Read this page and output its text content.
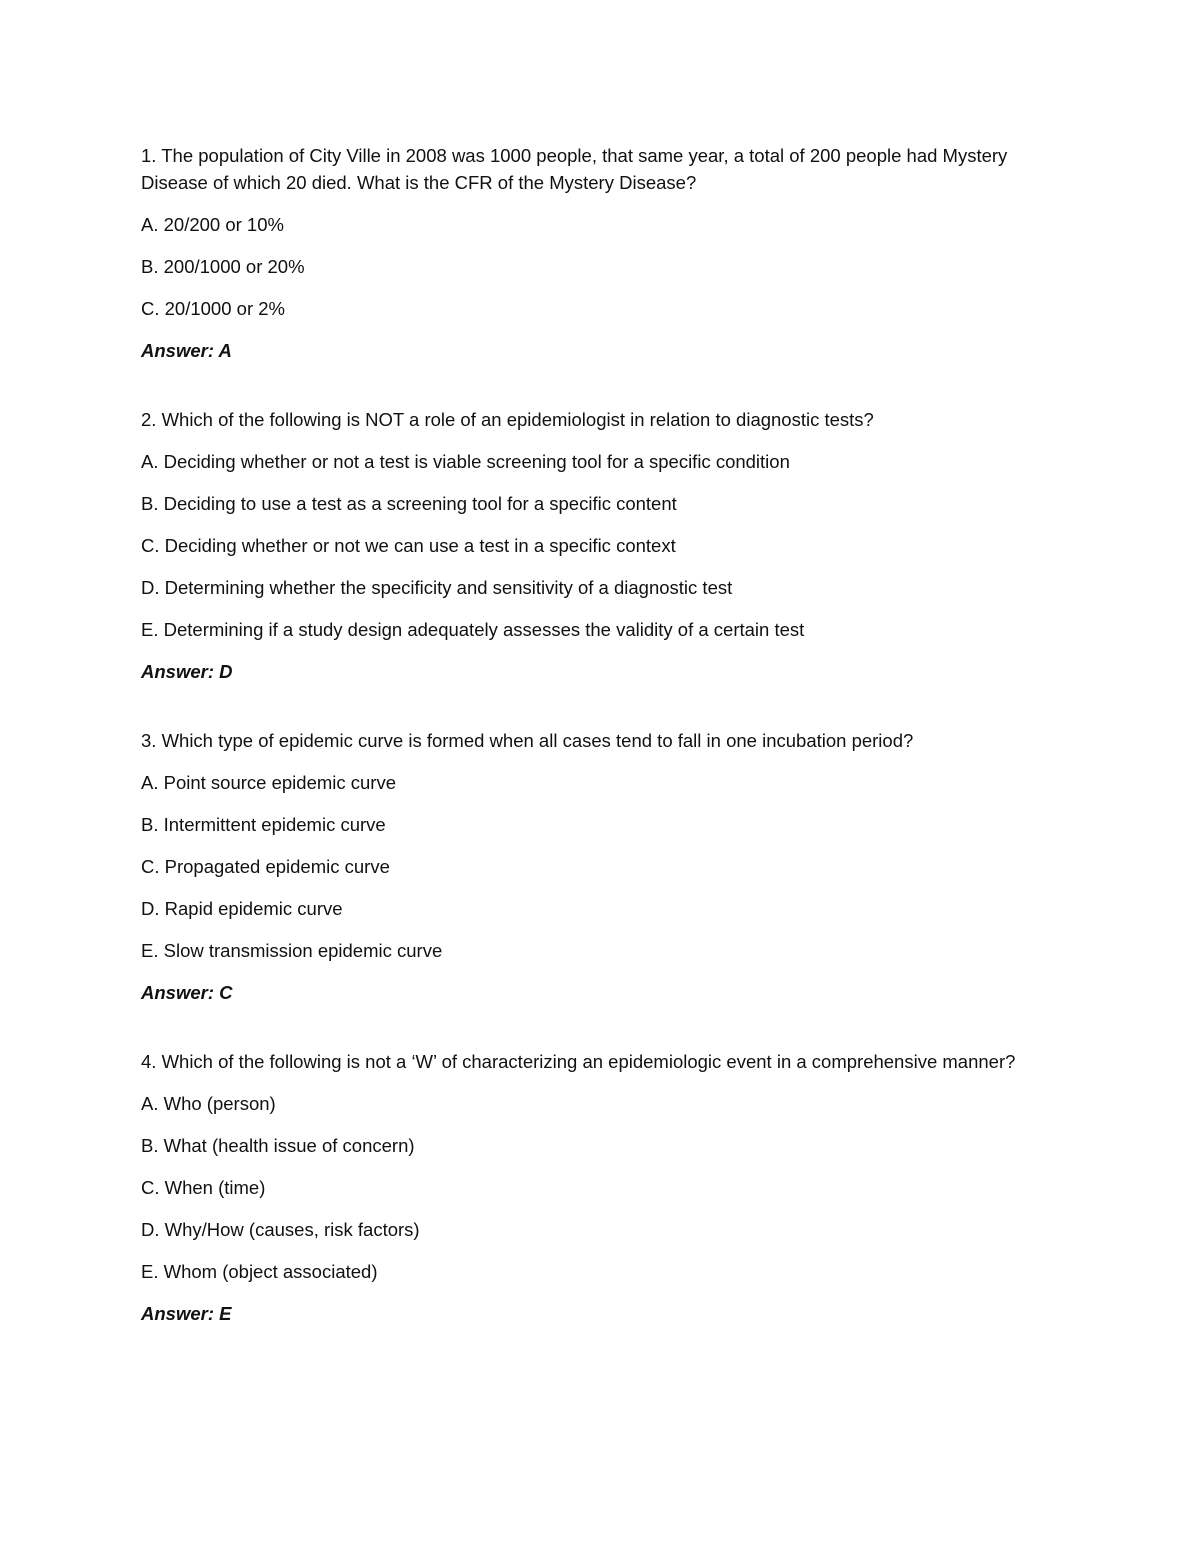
1. The population of City Ville in 2008 was 1000 people, that same year, a total of 200 people had Mystery Disease of which 20 died. What is the CFR of the Mystery Disease?

A. 20/200 or 10%

B. 200/1000 or 20%

C. 20/1000 or 2%

Answer: A

2. Which of the following is NOT a role of an epidemiologist in relation to diagnostic tests?

A. Deciding whether or not a test is viable screening tool for a specific condition

B. Deciding to use a test as a screening tool for a specific content

C. Deciding whether or not we can use a test in a specific context

D. Determining whether the specificity and sensitivity of a diagnostic test

E. Determining if a study design adequately assesses the validity of a certain test

Answer: D

3. Which type of epidemic curve is formed when all cases tend to fall in one incubation period?

A. Point source epidemic curve

B. Intermittent epidemic curve

C. Propagated epidemic curve

D. Rapid epidemic curve

E. Slow transmission epidemic curve

Answer: C

4. Which of the following is not a ‘W’ of characterizing an epidemiologic event in a comprehensive manner?

A. Who (person)

B. What (health issue of concern)

C. When (time)

D. Why/How (causes, risk factors)

E. Whom (object associated)

Answer: E
